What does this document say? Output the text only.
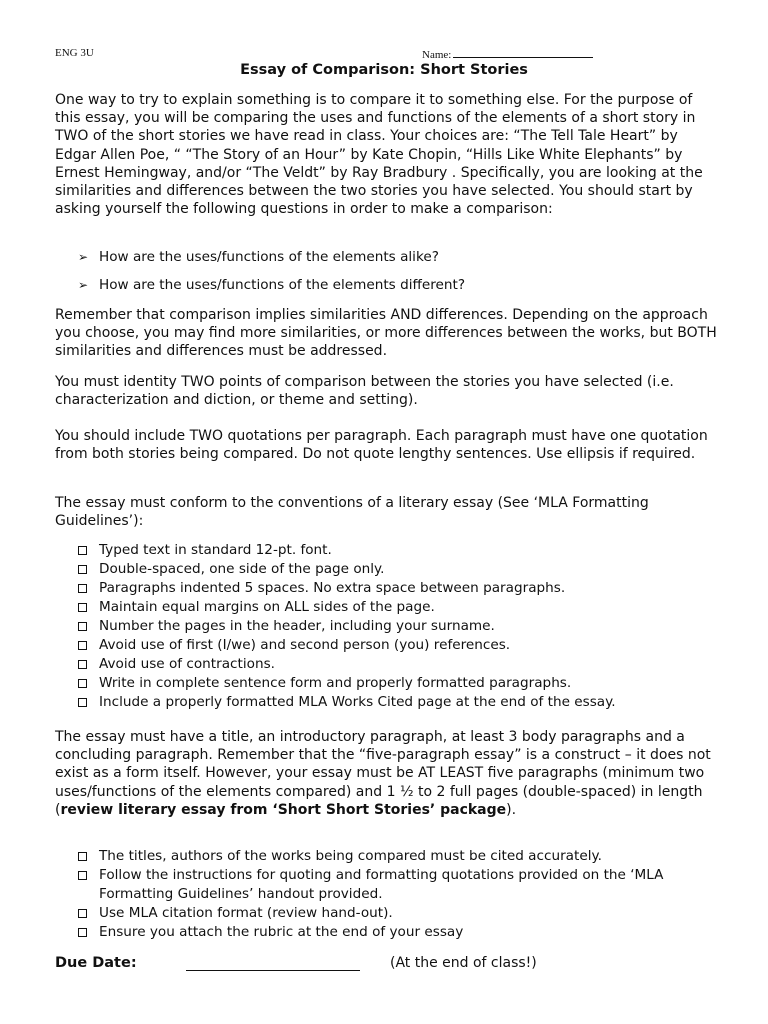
ENG 3U	Name:
Essay of Comparison: Short Stories

One way to try to explain something is to compare it to something else. For the purpose of this essay, you will be comparing the uses and functions of the elements of a short story in TWO of the short stories we have read in class. Your choices are: “The Tell Tale Heart” by Edgar Allen Poe, “ “The Story of an Hour” by Kate Chopin, “Hills Like White Elephants” by Ernest Hemingway, and/or “The Veldt” by Ray Bradbury . Specifically, you are looking at the similarities and differences between the two stories you have selected. You should start by asking yourself the following questions in order to make a comparison:

➢ How are the uses/functions of the elements alike?
➢ How are the uses/functions of the elements different?

Remember that comparison implies similarities AND differences. Depending on the approach you choose, you may find more similarities, or more differences between the works, but BOTH similarities and differences must be addressed.

You must identity TWO points of comparison between the stories you have selected (i.e. characterization and diction, or theme and setting).

You should include TWO quotations per paragraph. Each paragraph must have one quotation from both stories being compared. Do not quote lengthy sentences. Use ellipsis if required.

The essay must conform to the conventions of a literary essay (See ‘MLA Formatting Guidelines’):

Typed text in standard 12-pt. font.
Double-spaced, one side of the page only.
Paragraphs indented 5 spaces. No extra space between paragraphs.
Maintain equal margins on ALL sides of the page.
Number the pages in the header, including your surname.
Avoid use of first (I/we) and second person (you) references.
Avoid use of contractions.
Write in complete sentence form and properly formatted paragraphs.
Include a properly formatted MLA Works Cited page at the end of the essay.

The essay must have a title, an introductory paragraph, at least 3 body paragraphs and a concluding paragraph. Remember that the “five-paragraph essay” is a construct – it does not exist as a form itself. However, your essay must be AT LEAST five paragraphs (minimum two uses/functions of the elements compared) and 1 ½ to 2 full pages (double-spaced) in length (review literary essay from ‘Short Short Stories’ package).

The titles, authors of the works being compared must be cited accurately.
Follow the instructions for quoting and formatting quotations provided on the ‘MLA Formatting Guidelines’ handout provided.
Use MLA citation format (review hand-out).
Ensure you attach the rubric at the end of your essay
Due Date:	(At the end of class!)
